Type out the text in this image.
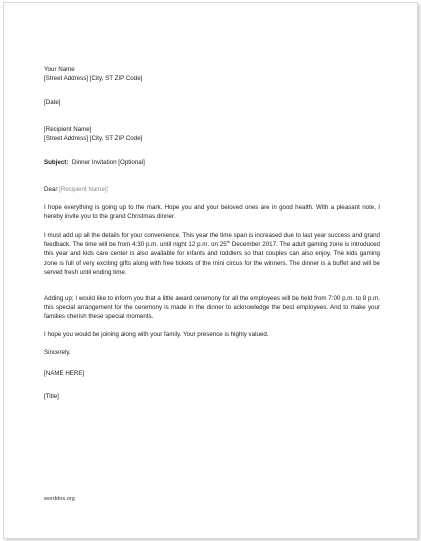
Your Name
[Street Address] [City, ST ZIP Code]
[Date]
[Recipient Name]
[Street Address] [City, ST ZIP Code]
Subject: Dinner Invitation [Optional]
Dear [Recipient Name]:
I hope everything is going up to the mark. Hope you and your beloved ones are in good health. With a pleasant note, I hereby invite you to the grand Christmas dinner.
I must add up all the details for your convenience. This year the time span is increased due to last year success and grand feedback. The time will be from 4:30 p.m. until night 12 p.m. on 25th December 2017. The adult gaming zone is introduced this year and kids care center is also available for infants and toddlers so that couples can also enjoy. The kids gaming zone is full of very exciting gifts along with free tickets of the mini circus for the winners. The dinner is a buffet and will be served fresh until ending time.
Adding up; I would like to inform you that a little award ceremony for all the employees will be held from 7:00 p.m. to 8 p.m. this special arrangement for the ceremony is made in the dinner to acknowledge the best employees. And to make your families cherish these special moments.
I hope you would be joining along with your family. Your presence is highly valued.
Sincerely,
[NAME HERE]
[Title]
worddox.org
